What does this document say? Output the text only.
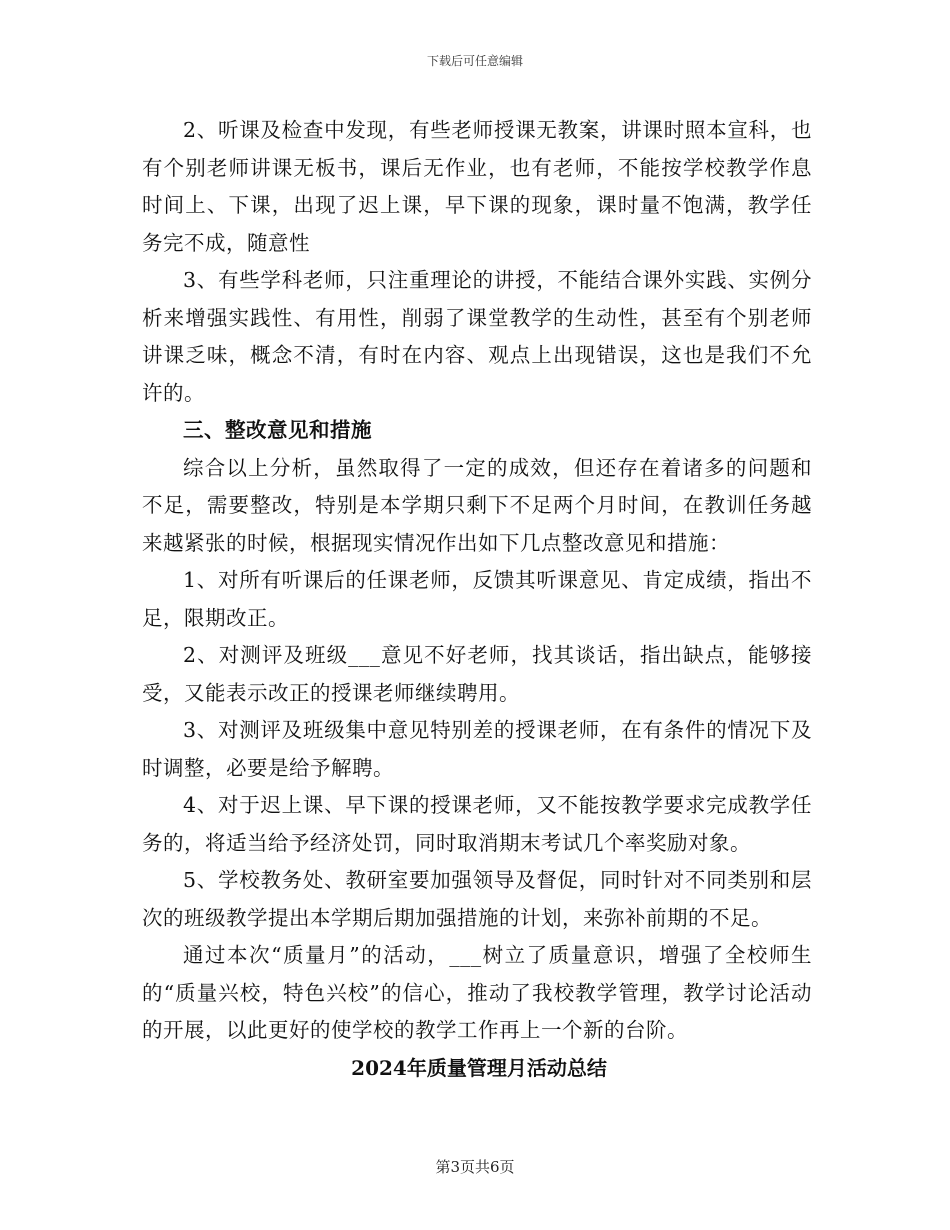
下载后可任意编辑

2、听课及检查中发现，有些老师授课无教案，讲课时照本宣科，也有个别老师讲课无板书，课后无作业，也有老师，不能按学校教学作息时间上、下课，出现了迟上课，早下课的现象，课时量不饱满，教学任务完不成，随意性

3、有些学科老师，只注重理论的讲授，不能结合课外实践、实例分析来增强实践性、有用性，削弱了课堂教学的生动性，甚至有个别老师讲课乏味，概念不清，有时在内容、观点上出现错误，这也是我们不允许的。

三、整改意见和措施

综合以上分析，虽然取得了一定的成效，但还存在着诸多的问题和不足，需要整改，特别是本学期只剩下不足两个月时间，在教训任务越来越紧张的时候，根据现实情况作出如下几点整改意见和措施：

1、对所有听课后的任课老师，反馈其听课意见、肯定成绩，指出不足，限期改正。

2、对测评及班级___意见不好老师，找其谈话，指出缺点，能够接受，又能表示改正的授课老师继续聘用。

3、对测评及班级集中意见特别差的授课老师，在有条件的情况下及时调整，必要是给予解聘。

4、对于迟上课、早下课的授课老师，又不能按教学要求完成教学任务的，将适当给予经济处罚，同时取消期末考试几个率奖励对象。

5、学校教务处、教研室要加强领导及督促，同时针对不同类别和层次的班级教学提出本学期后期加强措施的计划，来弥补前期的不足。

通过本次“质量月”的活动，___树立了质量意识，增强了全校师生的“质量兴校，特色兴校”的信心，推动了我校教学管理，教学讨论活动的开展，以此更好的使学校的教学工作再上一个新的台阶。

2024年质量管理月活动总结

第3页共6页
